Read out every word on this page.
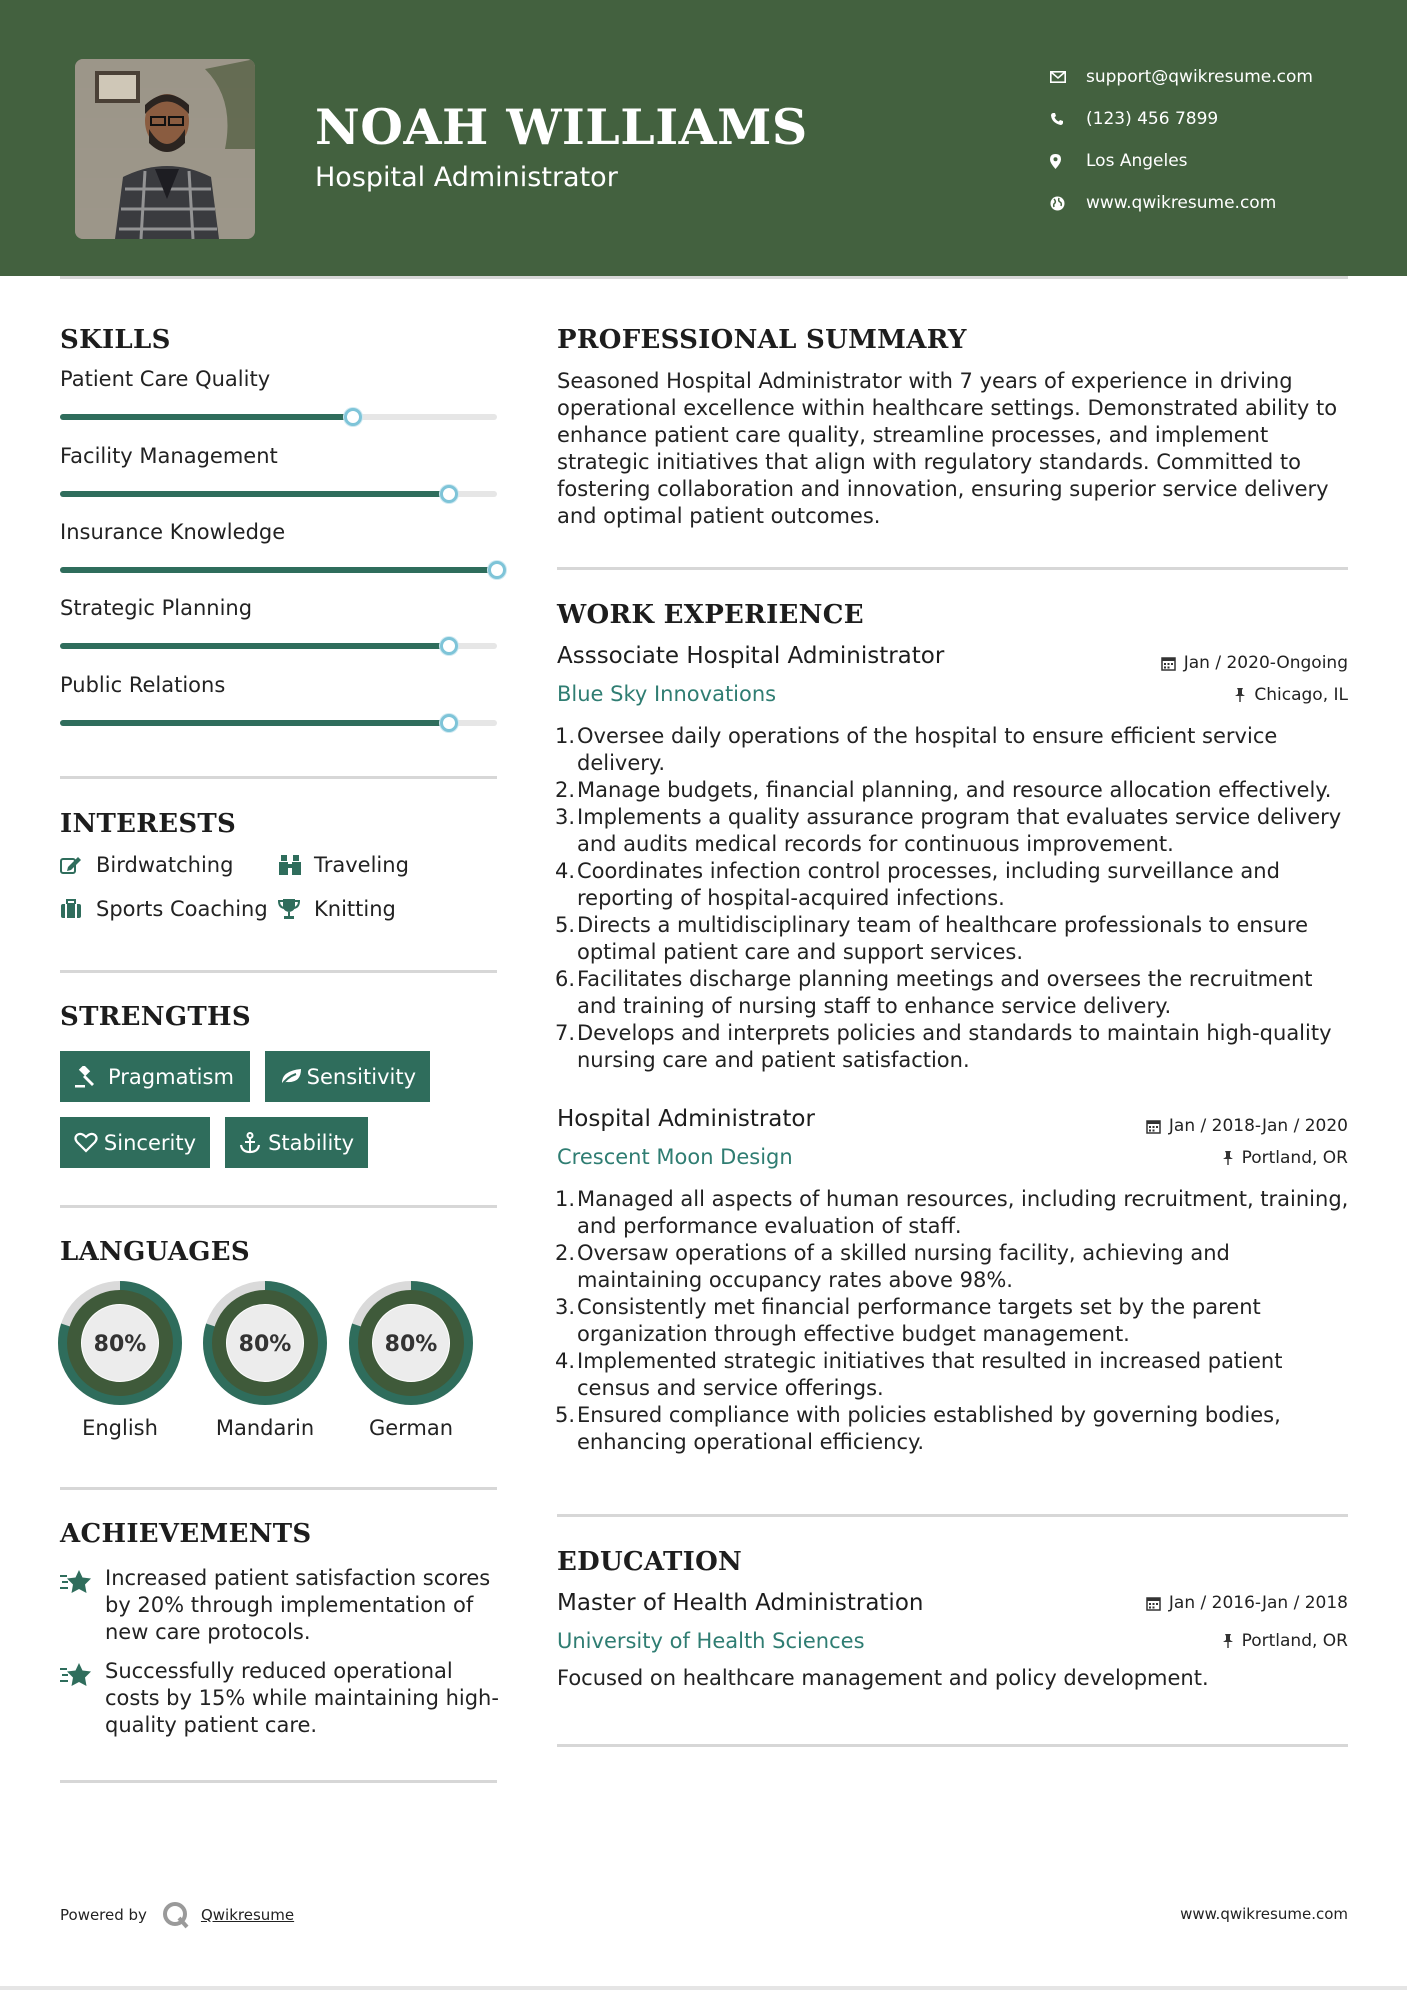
NOAH WILLIAMS
Hospital Administrator
support@qwikresume.com
(123) 456 7899
Los Angeles
www.qwikresume.com
SKILLS
Patient Care Quality
Facility Management
Insurance Knowledge
Strategic Planning
Public Relations
INTERESTS
Birdwatching	Traveling
Sports Coaching Knitting
STRENGTHS
Pragmatism	Sensitivity
Sincerity	Stability
LANGUAGES
80%	80%	80%
English	Mandarin	German
ACHIEVEMENTS
Increased patient satisfaction scores by 20% through implementation of new care protocols.
Successfully reduced operational costs by 15% while maintaining high-quality patient care.
PROFESSIONAL SUMMARY
Seasoned Hospital Administrator with 7 years of experience in driving operational excellence within healthcare settings. Demonstrated ability to enhance patient care quality, streamline processes, and implement strategic initiatives that align with regulatory standards. Committed to fostering collaboration and innovation, ensuring superior service delivery and optimal patient outcomes.
WORK EXPERIENCE
Asssociate Hospital Administrator	Jan / 2020-Ongoing
Blue Sky Innovations	Chicago, IL
1. Oversee daily operations of the hospital to ensure efficient service delivery.
2. Manage budgets, financial planning, and resource allocation effectively.
3. Implements a quality assurance program that evaluates service delivery and audits medical records for continuous improvement.
4. Coordinates infection control processes, including surveillance and reporting of hospital-acquired infections.
5. Directs a multidisciplinary team of healthcare professionals to ensure optimal patient care and support services.
6. Facilitates discharge planning meetings and oversees the recruitment and training of nursing staff to enhance service delivery.
7. Develops and interprets policies and standards to maintain high-quality nursing care and patient satisfaction.
Hospital Administrator	Jan / 2018-Jan / 2020
Crescent Moon Design	Portland, OR
1. Managed all aspects of human resources, including recruitment, training, and performance evaluation of staff.
2. Oversaw operations of a skilled nursing facility, achieving and maintaining occupancy rates above 98%.
3. Consistently met financial performance targets set by the parent organization through effective budget management.
4. Implemented strategic initiatives that resulted in increased patient census and service offerings.
5. Ensured compliance with policies established by governing bodies, enhancing operational efficiency.
EDUCATION
Master of Health Administration	Jan / 2016-Jan / 2018
University of Health Sciences	Portland, OR
Focused on healthcare management and policy development.
Powered by	Qwikresume	www.qwikresume.com
